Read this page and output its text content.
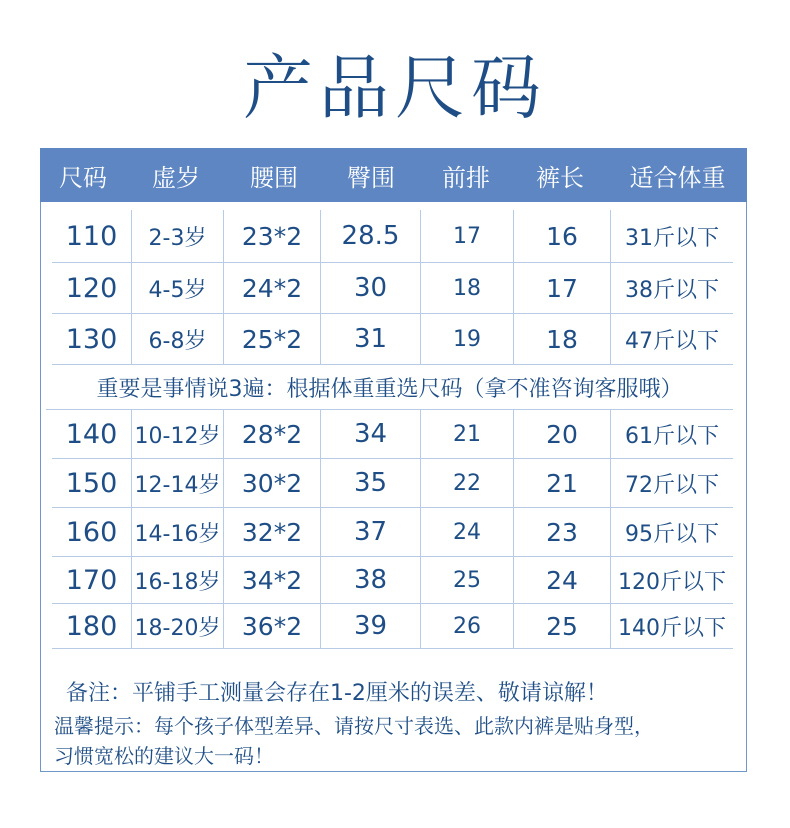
产品尺码
尺码	虚岁	腰围	臀围	前排	裤长	适合体重
110	2-3岁	23*2	28.5	17	16	31斤以下
120	4-5岁	24*2	30	18	17	38斤以下
130	6-8岁	25*2	31	19	18	47斤以下
重要是事情说3遍：根据体重重选尺码（拿不准咨询客服哦）
140 10-12岁 28*2	34	21	20	61斤以下
150 12-14岁 30*2	35	22	21	72斤以下
160 14-16岁 32*2	37	24	23	95斤以下
170 16-18岁 34*2	38	25	24	120斤以下
180 18-20岁 36*2	39	26	25	140斤以下
备注：平铺手工测量会存在1-2厘米的误差、敬请谅解！
温馨提示：每个孩子体型差异、请按尺寸表选、此款内裤是贴身型，
习惯宽松的建议大一码！
